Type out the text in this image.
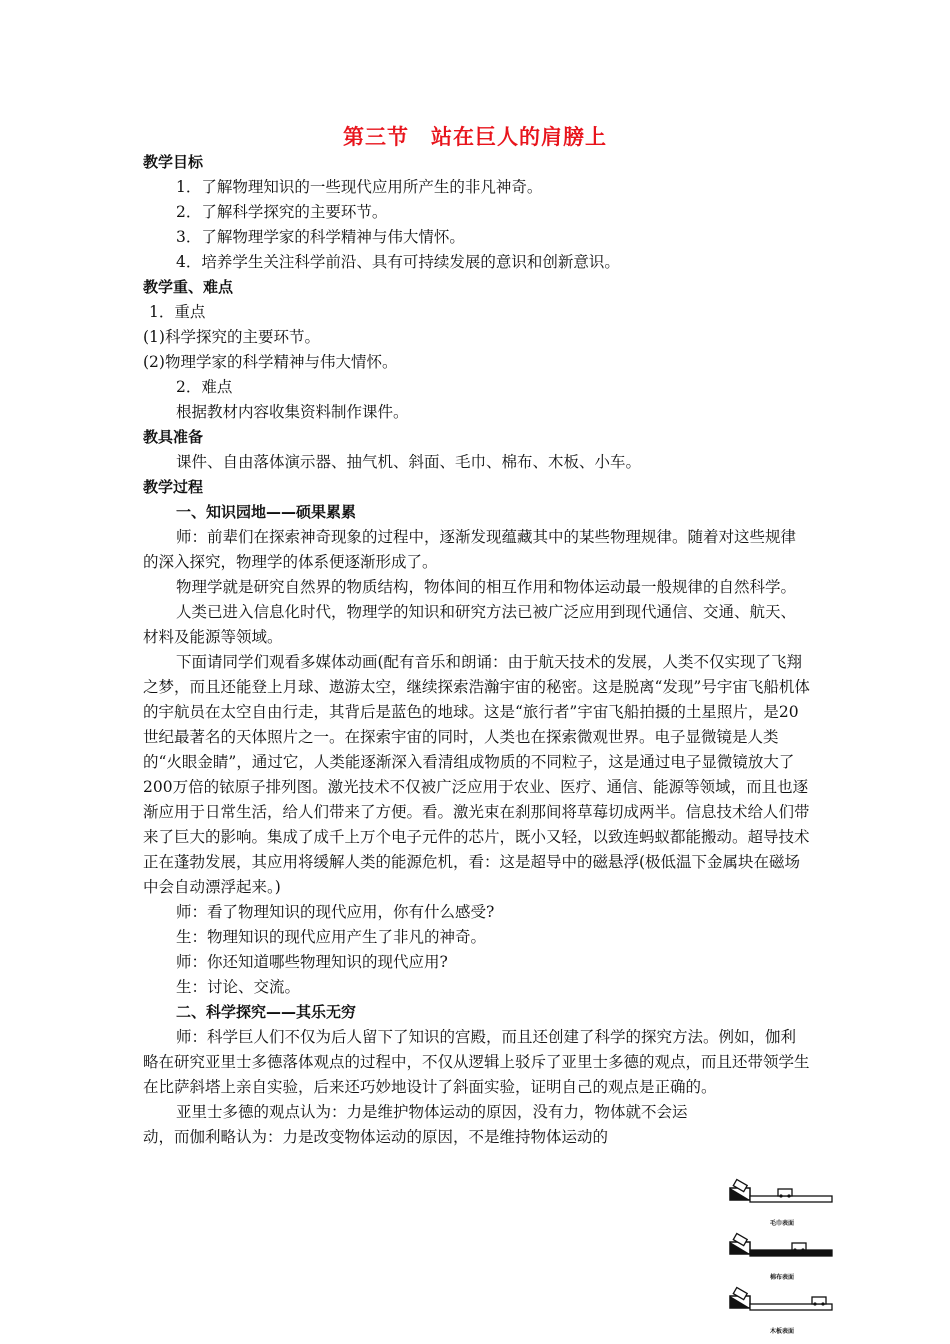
第三节　站在巨人的肩膀上

教学目标

1．了解物理知识的一些现代应用所产生的非凡神奇。

2．了解科学探究的主要环节。

3．了解物理学家的科学精神与伟大情怀。

4．培养学生关注科学前沿、具有可持续发展的意识和创新意识。

教学重、难点

1．重点

(1)科学探究的主要环节。

(2)物理学家的科学精神与伟大情怀。

2．难点

根据教材内容收集资料制作课件。

教具准备

课件、自由落体演示器、抽气机、斜面、毛巾、棉布、木板、小车。

教学过程

一、知识园地——硕果累累

师：前辈们在探索神奇现象的过程中，逐渐发现蕴藏其中的某些物理规律。随着对这些规律的深入探究，物理学的体系便逐渐形成了。

物理学就是研究自然界的物质结构，物体间的相互作用和物体运动最一般规律的自然科学。

人类已进入信息化时代，物理学的知识和研究方法已被广泛应用到现代通信、交通、航天、材料及能源等领域。

下面请同学们观看多媒体动画(配有音乐和朗诵：由于航天技术的发展，人类不仅实现了飞翔之梦，而且还能登上月球、遨游太空，继续探索浩瀚宇宙的秘密。这是脱离“发现”号宇宙飞船机体的宇航员在太空自由行走，其背后是蓝色的地球。这是“旅行者”宇宙飞船拍摄的土星照片，是20世纪最著名的天体照片之一。在探索宇宙的同时，人类也在探索微观世界。电子显微镜是人类的“火眼金睛”，通过它，人类能逐渐深入看清组成物质的不同粒子，这是通过电子显微镜放大了200万倍的铱原子排列图。激光技术不仅被广泛应用于农业、医疗、通信、能源等领域，而且也逐渐应用于日常生活，给人们带来了方便。看。激光束在刹那间将草莓切成两半。信息技术给人们带来了巨大的影响。集成了成千上万个电子元件的芯片，既小又轻，以致连蚂蚁都能搬动。超导技术正在蓬勃发展，其应用将缓解人类的能源危机，看：这是超导中的磁悬浮(极低温下金属块在磁场中会自动漂浮起来。)

师：看了物理知识的现代应用，你有什么感受?

生：物理知识的现代应用产生了非凡的神奇。

师：你还知道哪些物理知识的现代应用?

生：讨论、交流。

二、科学探究——其乐无穷

师：科学巨人们不仅为后人留下了知识的宫殿，而且还创建了科学的探究方法。例如，伽利略在研究亚里士多德落体观点的过程中，不仅从逻辑上驳斥了亚里士多德的观点，而且还带领学生在比萨斜塔上亲自实验，后来还巧妙地设计了斜面实验，证明自己的观点是正确的。

亚里士多德的观点认为：力是维护物体运动的原因，没有力，物体就不会运动，而伽利略认为：力是改变物体运动的原因，不是维持物体运动的

毛巾表面
棉布表面
木板表面
